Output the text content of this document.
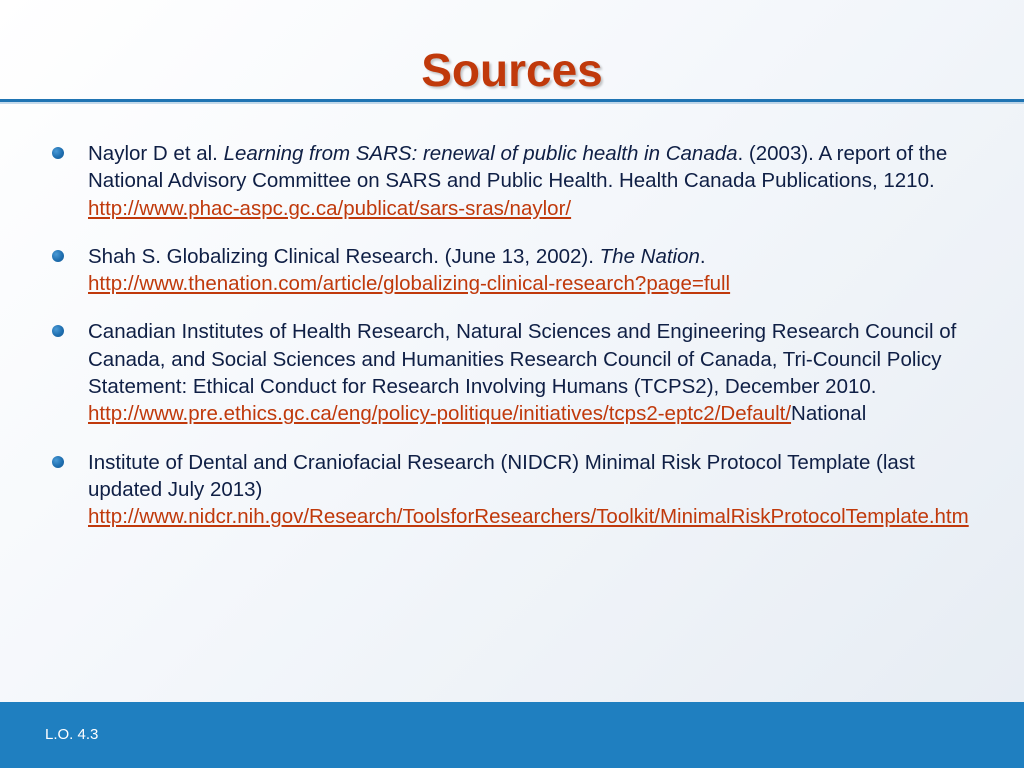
Sources
Naylor D et al. Learning from SARS: renewal of public health in Canada. (2003). A report of the National Advisory Committee on SARS and Public Health. Health Canada Publications, 1210. http://www.phac-aspc.gc.ca/publicat/sars-sras/naylor/
Shah S. Globalizing Clinical Research. (June 13, 2002). The Nation.
http://www.thenation.com/article/globalizing-clinical-research?page=full
Canadian Institutes of Health Research, Natural Sciences and Engineering Research Council of Canada, and Social Sciences and Humanities Research Council of Canada, Tri-Council Policy Statement: Ethical Conduct for Research Involving Humans (TCPS2), December 2010. http://www.pre.ethics.gc.ca/eng/policy-politique/initiatives/tcps2-eptc2/Default/National
Institute of Dental and Craniofacial Research (NIDCR) Minimal Risk Protocol Template (last updated July 2013)
http://www.nidcr.nih.gov/Research/ToolsforResearchers/Toolkit/MinimalRiskProtocolTemplate.htm
L.O. 4.3
